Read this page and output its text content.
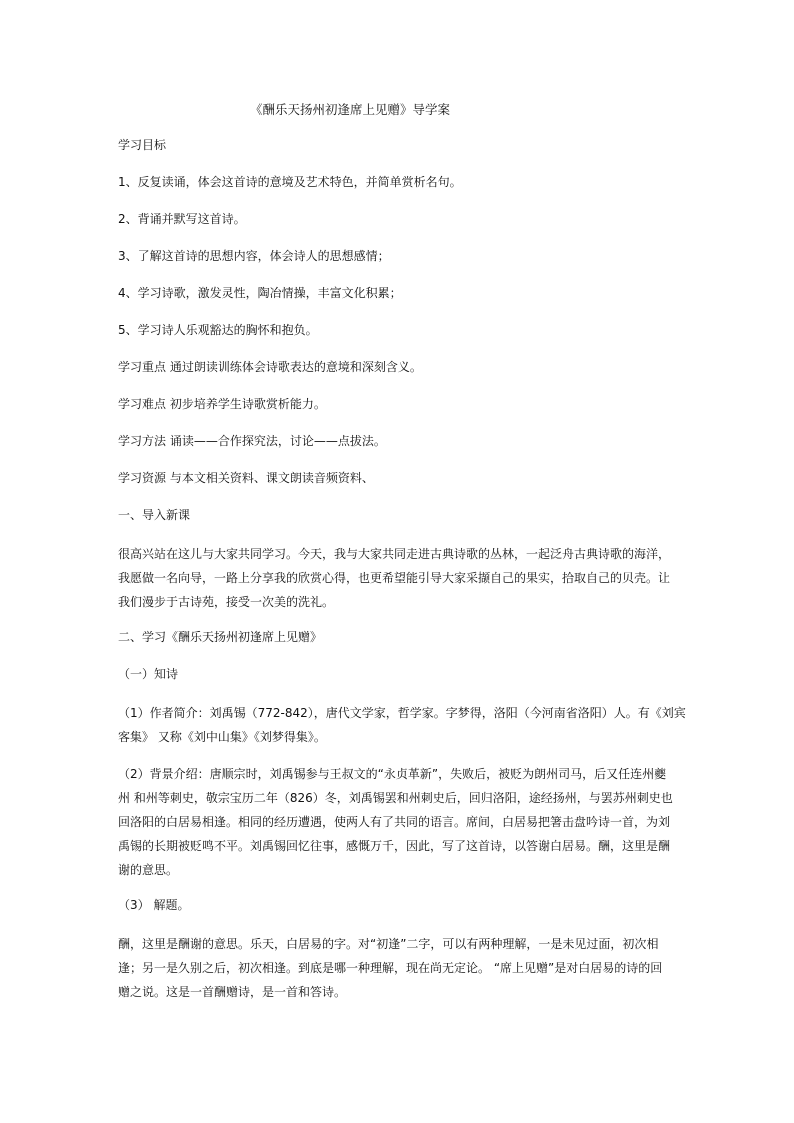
《酬乐天扬州初逢席上见赠》导学案
学习目标
1、反复读诵，体会这首诗的意境及艺术特色，并简单赏析名句。
2、背诵并默写这首诗。
3、了解这首诗的思想内容，体会诗人的思想感情；
4、学习诗歌，激发灵性，陶冶情操，丰富文化积累；
5、学习诗人乐观豁达的胸怀和抱负。
学习重点 通过朗读训练体会诗歌表达的意境和深刻含义。
学习难点 初步培养学生诗歌赏析能力。
学习方法 诵读——合作探究法，讨论——点拔法。
学习资源 与本文相关资料、课文朗读音频资料、
一、导入新课
很高兴站在这儿与大家共同学习。今天，我与大家共同走进古典诗歌的丛林，一起泛舟古典诗歌的海洋，
我愿做一名向导，一路上分享我的欣赏心得，也更希望能引导大家采撷自己的果实，拾取自己的贝壳。让
我们漫步于古诗苑，接受一次美的洗礼。
二、学习《酬乐天扬州初逢席上见赠》
（一）知诗
（1）作者简介：刘禹锡（772-842），唐代文学家，哲学家。字梦得，洛阳（今河南省洛阳）人。有《刘宾
客集》 又称《刘中山集》《刘梦得集》。
（2）背景介绍：唐顺宗时，刘禹锡参与王叔文的“永贞革新”，失败后，被贬为朗州司马，后又任连州夔
州 和州等刺史，敬宗宝历二年（826）冬，刘禹锡罢和州刺史后，回归洛阳，途经扬州，与罢苏州刺史也
回洛阳的白居易相逢。相同的经历遭遇，使两人有了共同的语言。席间，白居易把箸击盘吟诗一首，为刘
禹锡的长期被贬鸣不平。刘禹锡回忆往事，感慨万千，因此，写了这首诗，以答谢白居易。酬，这里是酬
谢的意思。
（3） 解题。
酬，这里是酬谢的意思。乐天，白居易的字。对“初逢”二字，可以有两种理解，一是未见过面，初次相
逢；另一是久别之后，初次相逢。到底是哪一种理解，现在尚无定论。 “席上见赠”是对白居易的诗的回
赠之说。这是一首酬赠诗，是一首和答诗。
